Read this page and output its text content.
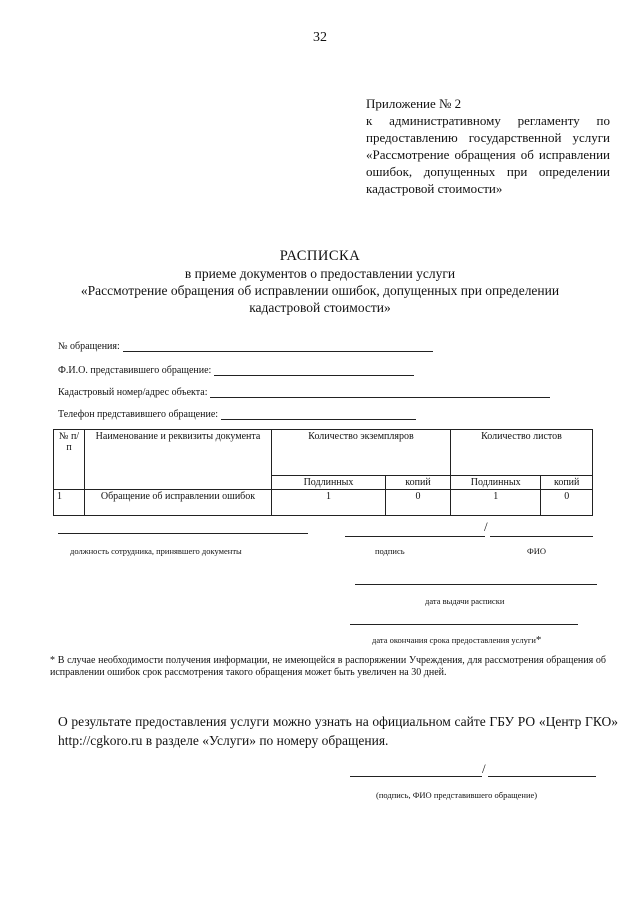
32
Приложение № 2
к административному регламенту по предоставлению государственной услуги «Рассмотрение обращения об исправлении ошибок, допущенных при определении кадастровой стоимости»
РАСПИСКА
в приеме документов о предоставлении услуги
«Рассмотрение обращения об исправлении ошибок, допущенных при определении
кадастровой стоимости»
№ обращения:
Ф.И.О. представившего обращение:
Кадастровый номер/адрес объекта:
Телефон представившего обращение:
№ п/п	Наименование и реквизиты документа	Количество экземпляров		Количество листов	
		Подлинных	копий	Подлинных	копий
1	Обращение об исправлении ошибок	1	0	1	0
/
должность сотрудника, принявшего документы	подпись	ФИО
дата выдачи расписки
дата окончания срока предоставления услуги*
* В случае необходимости получения информации, не имеющейся в распоряжении Учреждения, для рассмотрения обращения об исправлении ошибок срок рассмотрения такого обращения может быть увеличен на 30 дней.
О результате предоставления услуги можно узнать на официальном сайте ГБУ РО «Центр ГКО» http://cgkoro.ru в разделе «Услуги» по номеру обращения.
/
(подпись, ФИО представившего обращение)
